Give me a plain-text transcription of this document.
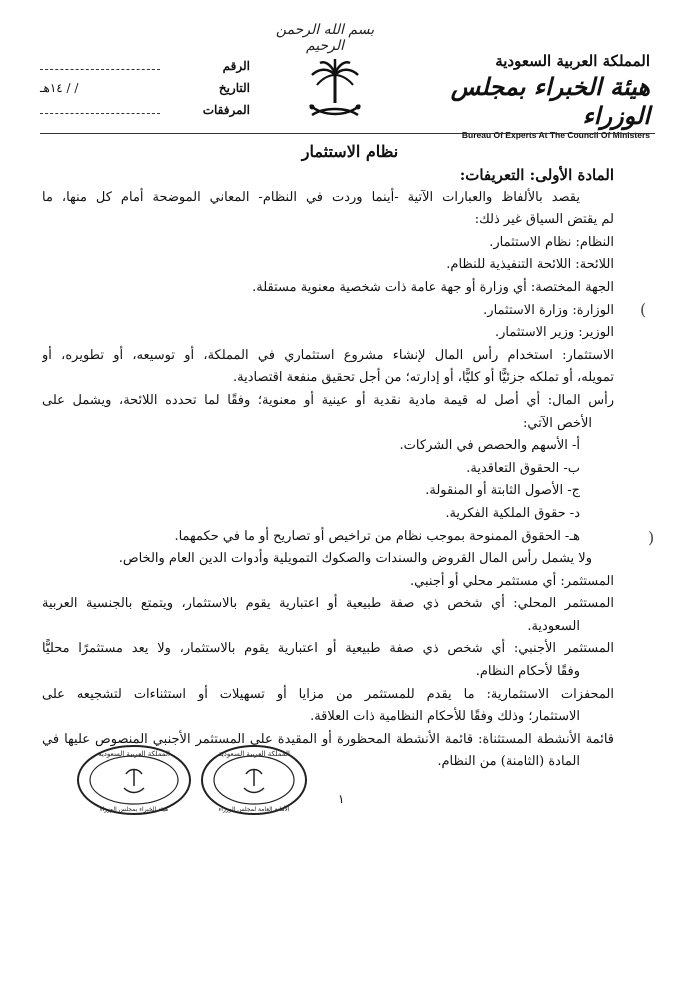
بسم الله الرحمن الرحيم
المملكة العربية السعودية
هيئة الخبراء بمجلس الوزراء
Bureau Of Experts At The Council Of Ministers
الرقم
التاريخ
/ / ١٤هـ
المرفقات
نظام الاستثمار
المادة الأولى: التعريفات:
يقصد بالألفاظ والعبارات الآتية -أينما وردت في النظام- المعاني الموضحة أمام كل منها، ما
لم يقتض السياق غير ذلك:
النظام: نظام الاستثمار.
اللائحة: اللائحة التنفيذية للنظام.
الجهة المختصة: أي وزارة أو جهة عامة ذات شخصية معنوية مستقلة.
الوزارة: وزارة الاستثمار.
الوزير: وزير الاستثمار.
الاستثمار: استخدام رأس المال لإنشاء مشروع استثماري في المملكة، أو توسيعه، أو تطويره، أو
تمويله، أو تملكه جزئيًّا أو كليًّا، أو إدارته؛ من أجل تحقيق منفعة اقتصادية.
رأس المال: أي أصل له قيمة مادية نقدية أو عينية أو معنوية؛ وفقًا لما تحدده اللائحة، ويشمل على
الأخص الآتي:
أ- الأسهم والحصص في الشركات.
ب- الحقوق التعاقدية.
ج- الأصول الثابتة أو المنقولة.
د- حقوق الملكية الفكرية.
هـ- الحقوق الممنوحة بموجب نظام من تراخيص أو تصاريح أو ما في حكمهما.
ولا يشمل رأس المال القروض والسندات والصكوك التمويلية وأدوات الدين العام والخاص.
المستثمر: أي مستثمر محلي أو أجنبي.
المستثمر المحلي: أي شخص ذي صفة طبيعية أو اعتبارية يقوم بالاستثمار، ويتمتع بالجنسية العربية
السعودية.
المستثمر الأجنبي: أي شخص ذي صفة طبيعية أو اعتبارية يقوم بالاستثمار، ولا يعد مستثمرًا محليًّا
وفقًا لأحكام النظام.
المحفزات الاستثمارية: ما يقدم للمستثمر من مزايا أو تسهيلات أو استثناءات لتشجيعه على
الاستثمار؛ وذلك وفقًا للأحكام النظامية ذات العلاقة.
قائمة الأنشطة المستثناة: قائمة الأنشطة المحظورة أو المقيدة على المستثمر الأجنبي المنصوص عليها في
المادة (الثامنة) من النظام.
(
)
المملكة العربية السعودية
الأمانة العامة لمجلس الوزراء
المملكة العربية السعودية
هيئة الخبراء بمجلس الوزراء
١
